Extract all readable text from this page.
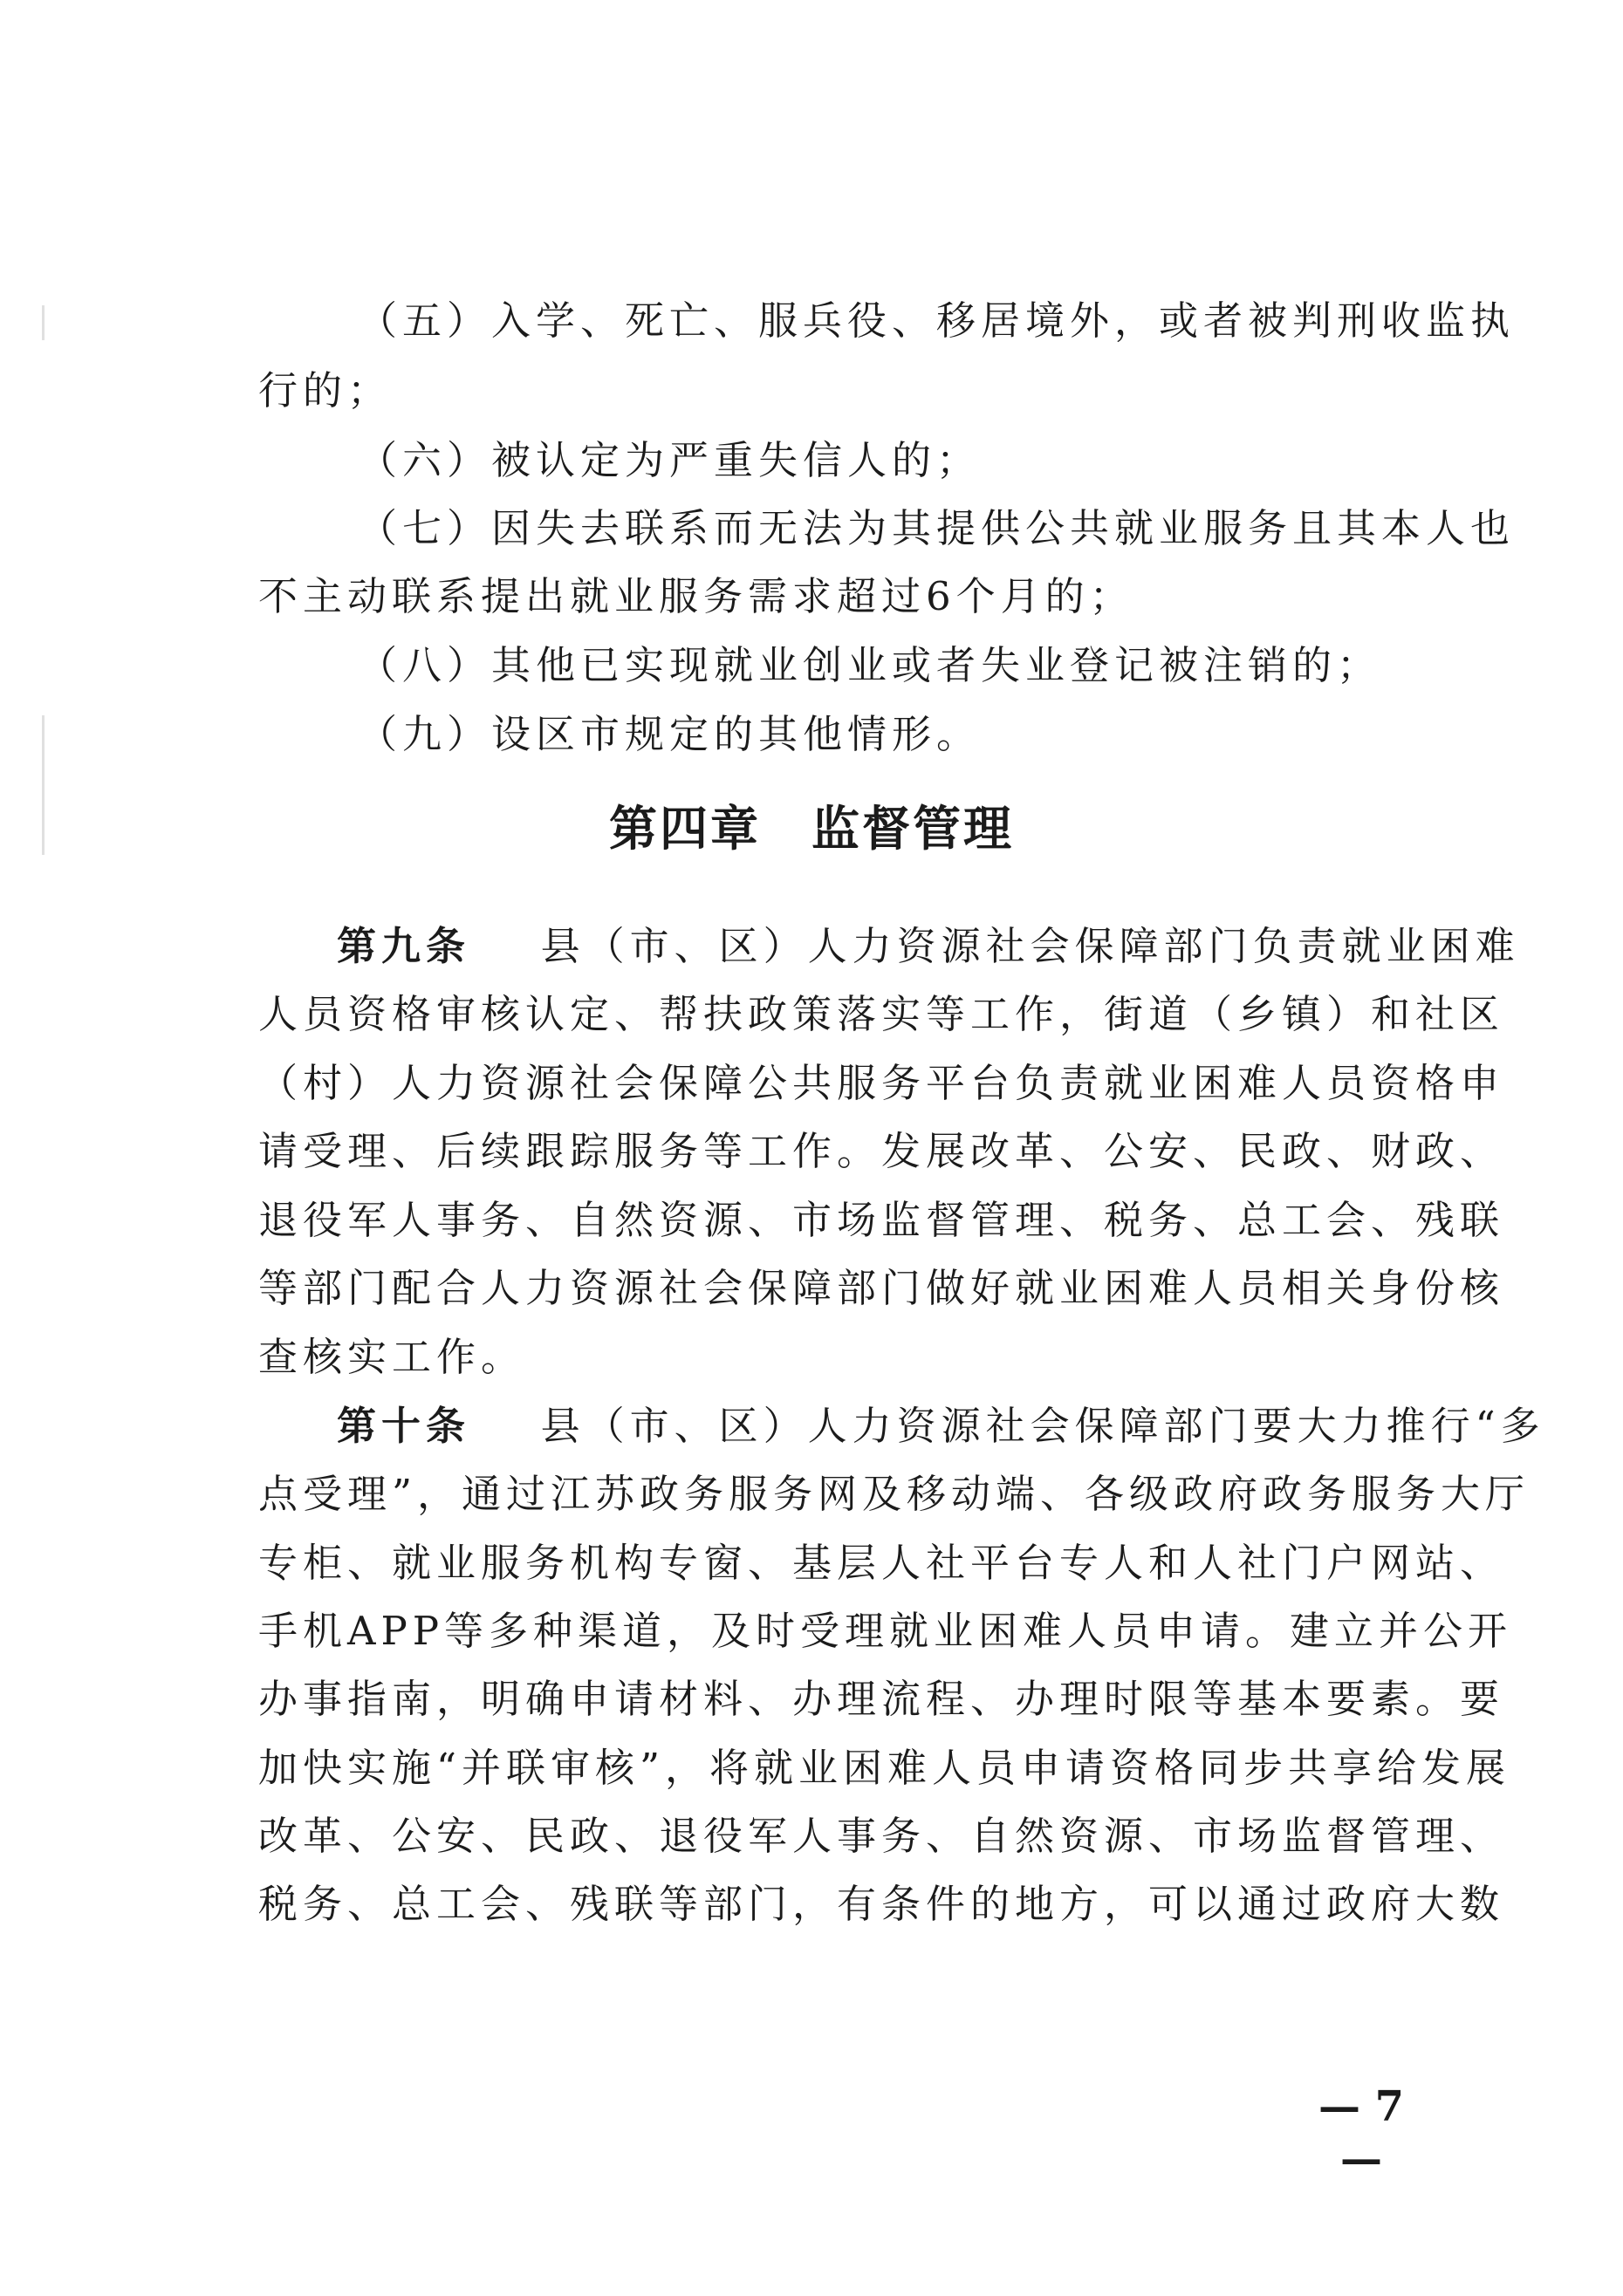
（五）入学、死亡、服兵役、移居境外，或者被判刑收监执
行的；
（六）被认定为严重失信人的；
（七）因失去联系而无法为其提供公共就业服务且其本人也
不主动联系提出就业服务需求超过6个月的；
（八）其他已实现就业创业或者失业登记被注销的；
（九）设区市规定的其他情形。
第四章　监督管理
第九条 县（市、区）人力资源社会保障部门负责就业困难
人员资格审核认定、帮扶政策落实等工作，街道（乡镇）和社区
（村）人力资源社会保障公共服务平台负责就业困难人员资格申
请受理、后续跟踪服务等工作。发展改革、公安、民政、财政、
退役军人事务、自然资源、市场监督管理、税务、总工会、残联
等部门配合人力资源社会保障部门做好就业困难人员相关身份核
查核实工作。
第十条 县（市、区）人力资源社会保障部门要大力推行“多
点受理”，通过江苏政务服务网及移动端、各级政府政务服务大厅
专柜、就业服务机构专窗、基层人社平台专人和人社门户网站、
手机APP等多种渠道，及时受理就业困难人员申请。建立并公开
办事指南，明确申请材料、办理流程、办理时限等基本要素。要
加快实施“并联审核”，将就业困难人员申请资格同步共享给发展
改革、公安、民政、退役军人事务、自然资源、市场监督管理、
税务、总工会、残联等部门，有条件的地方，可以通过政府大数
— 7 —
